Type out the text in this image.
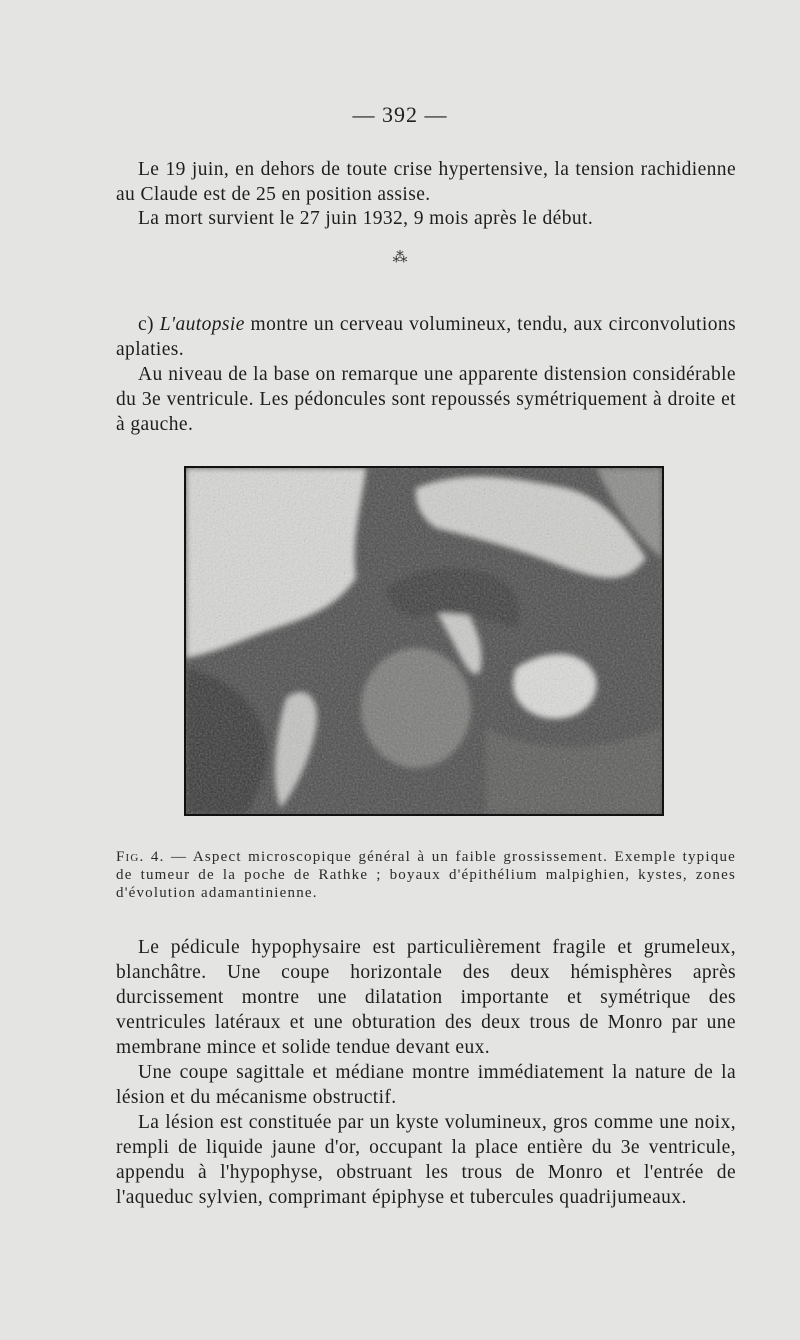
— 392 —

Le 19 juin, en dehors de toute crise hypertensive, la tension rachidienne au Claude est de 25 en position assise.

La mort survient le 27 juin 1932, 9 mois après le début.

⁂

c) L'autopsie montre un cerveau volumineux, tendu, aux circonvolutions aplaties.

Au niveau de la base on remarque une apparente distension considérable du 3e ventricule. Les pédoncules sont repoussés symétriquement à droite et à gauche.

Fig. 4. — Aspect microscopique général à un faible grossissement. Exemple typique de tumeur de la poche de Rathke ; boyaux d'épithélium malpighien, kystes, zones d'évolution adamantinienne.

Le pédicule hypophysaire est particulièrement fragile et grumeleux, blanchâtre. Une coupe horizontale des deux hémisphères après durcissement montre une dilatation importante et symétrique des ventricules latéraux et une obturation des deux trous de Monro par une membrane mince et solide tendue devant eux.

Une coupe sagittale et médiane montre immédiatement la nature de la lésion et du mécanisme obstructif.

La lésion est constituée par un kyste volumineux, gros comme une noix, rempli de liquide jaune d'or, occupant la place entière du 3e ventricule, appendu à l'hypophyse, obstruant les trous de Monro et l'entrée de l'aqueduc sylvien, comprimant épiphyse et tubercules quadrijumeaux.
